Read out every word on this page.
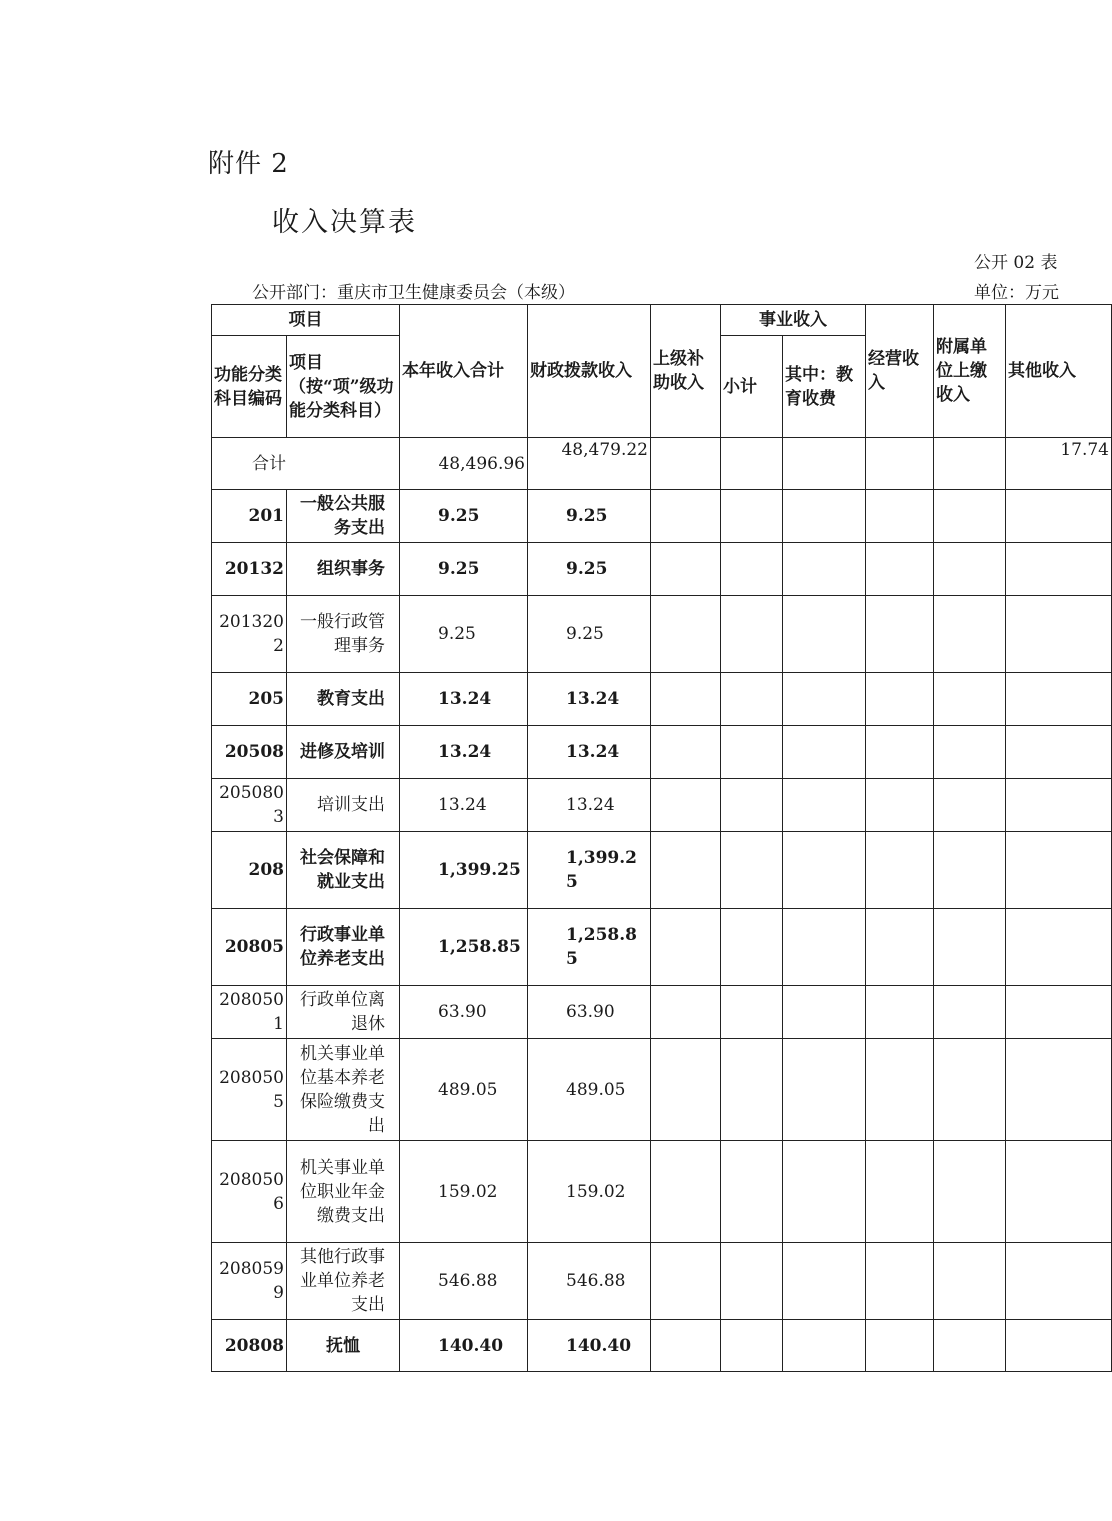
附件 2
收入决算表
公开 02 表
公开部门：重庆市卫生健康委员会（本级）	单位：万元
项目		本年收入合计	财政拨款收入	上级补助收入	事业收入		经营收入	附属单位上缴收入	其他收入
功能分类科目编码	项目（按“项”级功能分类科目）				小计	其中：教育收费			
合计		48,496.96	48,479.22						17.74
201	一般公共服务支出	9.25	9.25						
20132	组织事务	9.25	9.25						
2013202	一般行政管理事务	9.25	9.25						
205	教育支出	13.24	13.24						
20508	进修及培训	13.24	13.24						
2050803	培训支出	13.24	13.24						
208	社会保障和就业支出	1,399.25	1,399.25						
20805	行政事业单位养老支出	1,258.85	1,258.85						
2080501	行政单位离退休	63.90	63.90						
2080505	机关事业单位基本养老保险缴费支出	489.05	489.05						
2080506	机关事业单位职业年金缴费支出	159.02	159.02						
2080599	其他行政事业单位养老支出	546.88	546.88						
20808	抚恤	140.40	140.40						
